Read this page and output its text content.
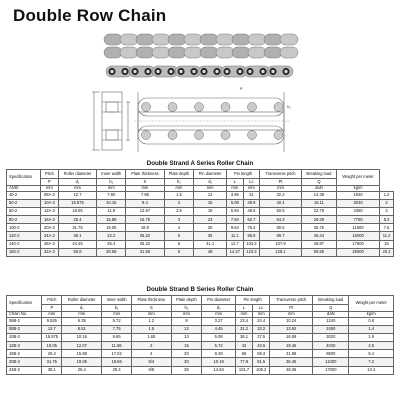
Double Row Chain
P
h₂
Double Strand A Series Roller Chain
Specification	Pitch	Roller diameter	Inner width	Plate thickness	Plate depth	Pin diameter	Pin length		Transverse pitch	Breaking load	Weight per meter	
	P	d₁	b₁	S	h₂	d₂	L	Lc	Pt	Q		
ANSI	mm	mm	mm	mm	mm	mm	mm	mm	mm	daN	kg/m	
40-2	08A-2	12.7	7.90	7.85	1.5	12	3.96	31	32.2	14.38	1920	1.2
50-2	10A-2	15.875	10.16	9.4	2	15	5.08	38.9	40.4	18.11	3040	2
60-2	12A-2	19.05	11.9	12.57	2.5	18	5.94	48.6	50.5	22.78	4380	3
80-2	16A-2	25.4	15.88	15.75	3	23	7.94	62.7	64.3	29.29	7780	5.2
100-2	20A-2	31.75	19.05	18.9	4	30	9.54	76.4	80.5	35.76	11600	7.6
120-2	24A-2	38.1	22.2	25.22	5	36	11.1	95.8	99.7	45.44	16000	11.2
140-2	28A-2	44.45	25.4	25.22	6	41.1	12.7	103.3	107.9	48.87	17600	15
160-2	32A-2	50.8	28.58	31.55	6	48	14.27	123.3	128.1	58.55	25000	20.2
Double Strand B Series Roller Chain
Specification	Pitch	Roller diameter	Inner width	Plate thickness	Plate depth	Pin diameter	Pin length		Transverse pitch	Breaking load	Weight per meter
	P	d₁	b₁	S	h₂	d₂	L	Lc	Pt	Q	
Chain No.	mm	mm	mm	mm	mm	mm	mm	mm	mm	daN	kg/m
06B-2	9.525	6.35	5.72	1.2	8	3.27	23.4	24.4	10.24	1240	0.8
08B-2	12.7	8.51	7.75	1.5	12	4.45	31.2	32.2	13.92	2490	1.4
10B-2	15.875	10.16	9.65	1.65	13	5.08	36.1	37.5	16.59	3020	1.9
12B-2	19.05	12.07	11.68	2	15	5.72	42	43.6	19.46	4040	2.5
16B-2	25.4	15.88	17.02	4	20	8.28	68	69.3	31.88	8500	5.4
20B-2	31.75	19.05	19.56	5/4	30	10.19	77.8	81.5	36.45	11000	7.2
24B-2	38.1	25.4	25.4	6/5	36	14.63	101.7	106.2	48.36	17000	13.4
